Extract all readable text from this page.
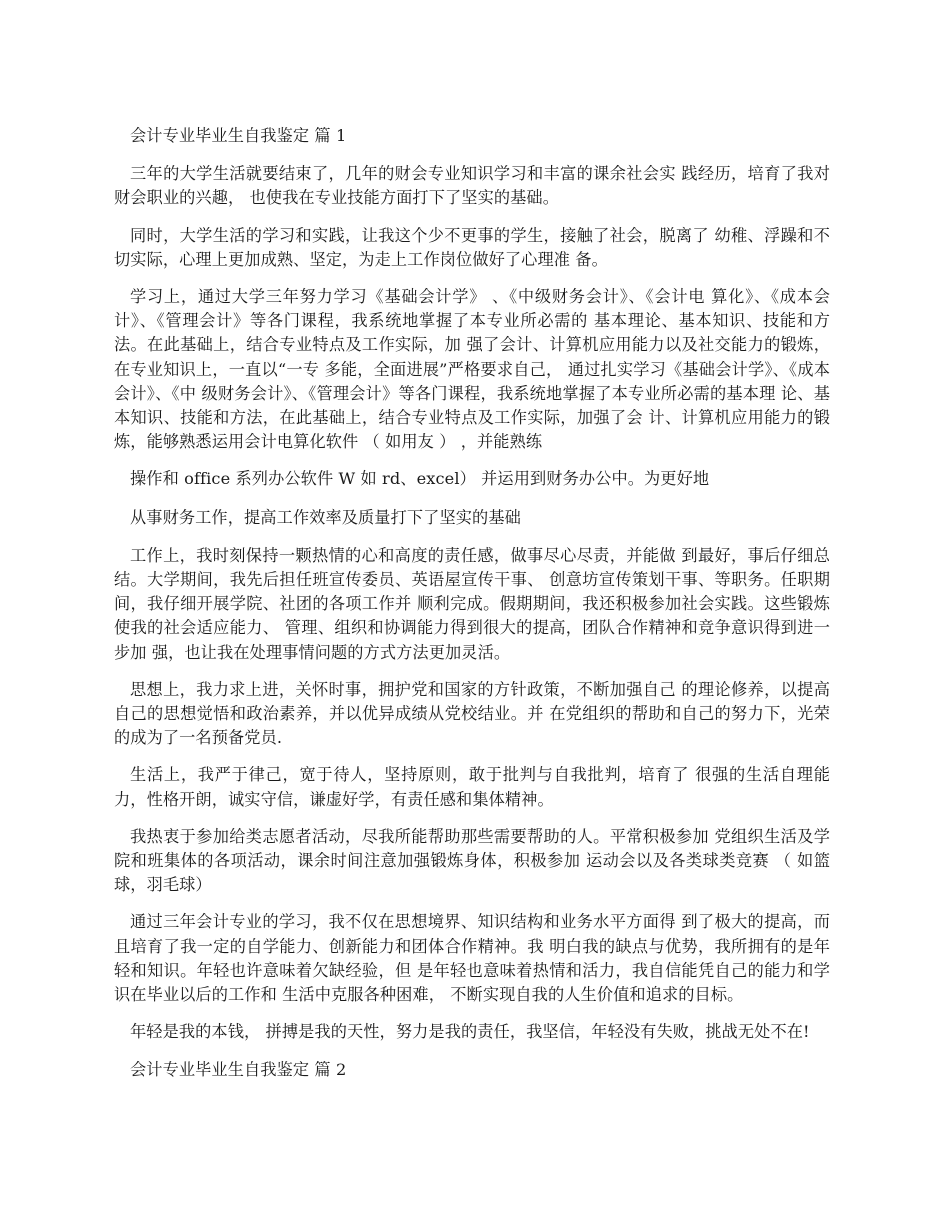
会计专业毕业生自我鉴定 篇 1

三年的大学生活就要结束了，几年的财会专业知识学习和丰富的课余社会实 践经历，培育了我对财会职业的兴趣， 也使我在专业技能方面打下了坚实的基础。

同时，大学生活的学习和实践，让我这个少不更事的学生，接触了社会，脱离了 幼稚、浮躁和不切实际，心理上更加成熟、坚定，为走上工作岗位做好了心理准 备。

学习上，通过大学三年努力学习《基础会计学》 、《中级财务会计》、《会计电 算化》、《成本会计》、《管理会计》等各门课程，我系统地掌握了本专业所必需的 基本理论、基本知识、技能和方法。在此基础上，结合专业特点及工作实际，加 强了会计、计算机应用能力以及社交能力的锻炼，在专业知识上，一直以“一专 多能，全面进展”严格要求自己， 通过扎实学习《基础会计学》、《成本会计》、《中 级财务会计》、《管理会计》等各门课程，我系统地掌握了本专业所必需的基本理 论、基本知识、技能和方法，在此基础上，结合专业特点及工作实际，加强了会 计、计算机应用能力的锻炼，能够熟悉运用会计电算化软件 （ 如用友 ） ，并能熟练

操作和 office 系列办公软件 W 如 rd、excel） 并运用到财务办公中。为更好地

从事财务工作，提高工作效率及质量打下了坚实的基础

工作上，我时刻保持一颗热情的心和高度的责任感，做事尽心尽责，并能做 到最好，事后仔细总结。大学期间，我先后担任班宣传委员、英语屋宣传干事、 创意坊宣传策划干事、等职务。任职期间，我仔细开展学院、社团的各项工作并 顺利完成。假期期间，我还积极参加社会实践。这些锻炼使我的社会适应能力、 管理、组织和协调能力得到很大的提高，团队合作精神和竞争意识得到进一步加 强，也让我在处理事情问题的方式方法更加灵活。

思想上，我力求上进，关怀时事，拥护党和国家的方针政策，不断加强自己 的理论修养，以提高自己的思想觉悟和政治素养，并以优异成绩从党校结业。并 在党组织的帮助和自己的努力下，光荣的成为了一名预备党员.

生活上，我严于律己，宽于待人，坚持原则，敢于批判与自我批判，培育了 很强的生活自理能力，性格开朗，诚实守信，谦虚好学，有责任感和集体精神。

我热衷于参加给类志愿者活动，尽我所能帮助那些需要帮助的人。平常积极参加 党组织生活及学院和班集体的各项活动，课余时间注意加强锻炼身体，积极参加 运动会以及各类球类竞赛 （ 如篮球，羽毛球）

通过三年会计专业的学习，我不仅在思想境界、知识结构和业务水平方面得 到了极大的提高，而且培育了我一定的自学能力、创新能力和团体合作精神。我 明白我的缺点与优势，我所拥有的是年轻和知识。年轻也许意味着欠缺经验，但 是年轻也意味着热情和活力，我自信能凭自己的能力和学识在毕业以后的工作和 生活中克服各种困难， 不断实现自我的人生价值和追求的目标。

年轻是我的本钱， 拼搏是我的天性，努力是我的责任，我坚信，年轻没有失败，挑战无处不在!

会计专业毕业生自我鉴定 篇 2
